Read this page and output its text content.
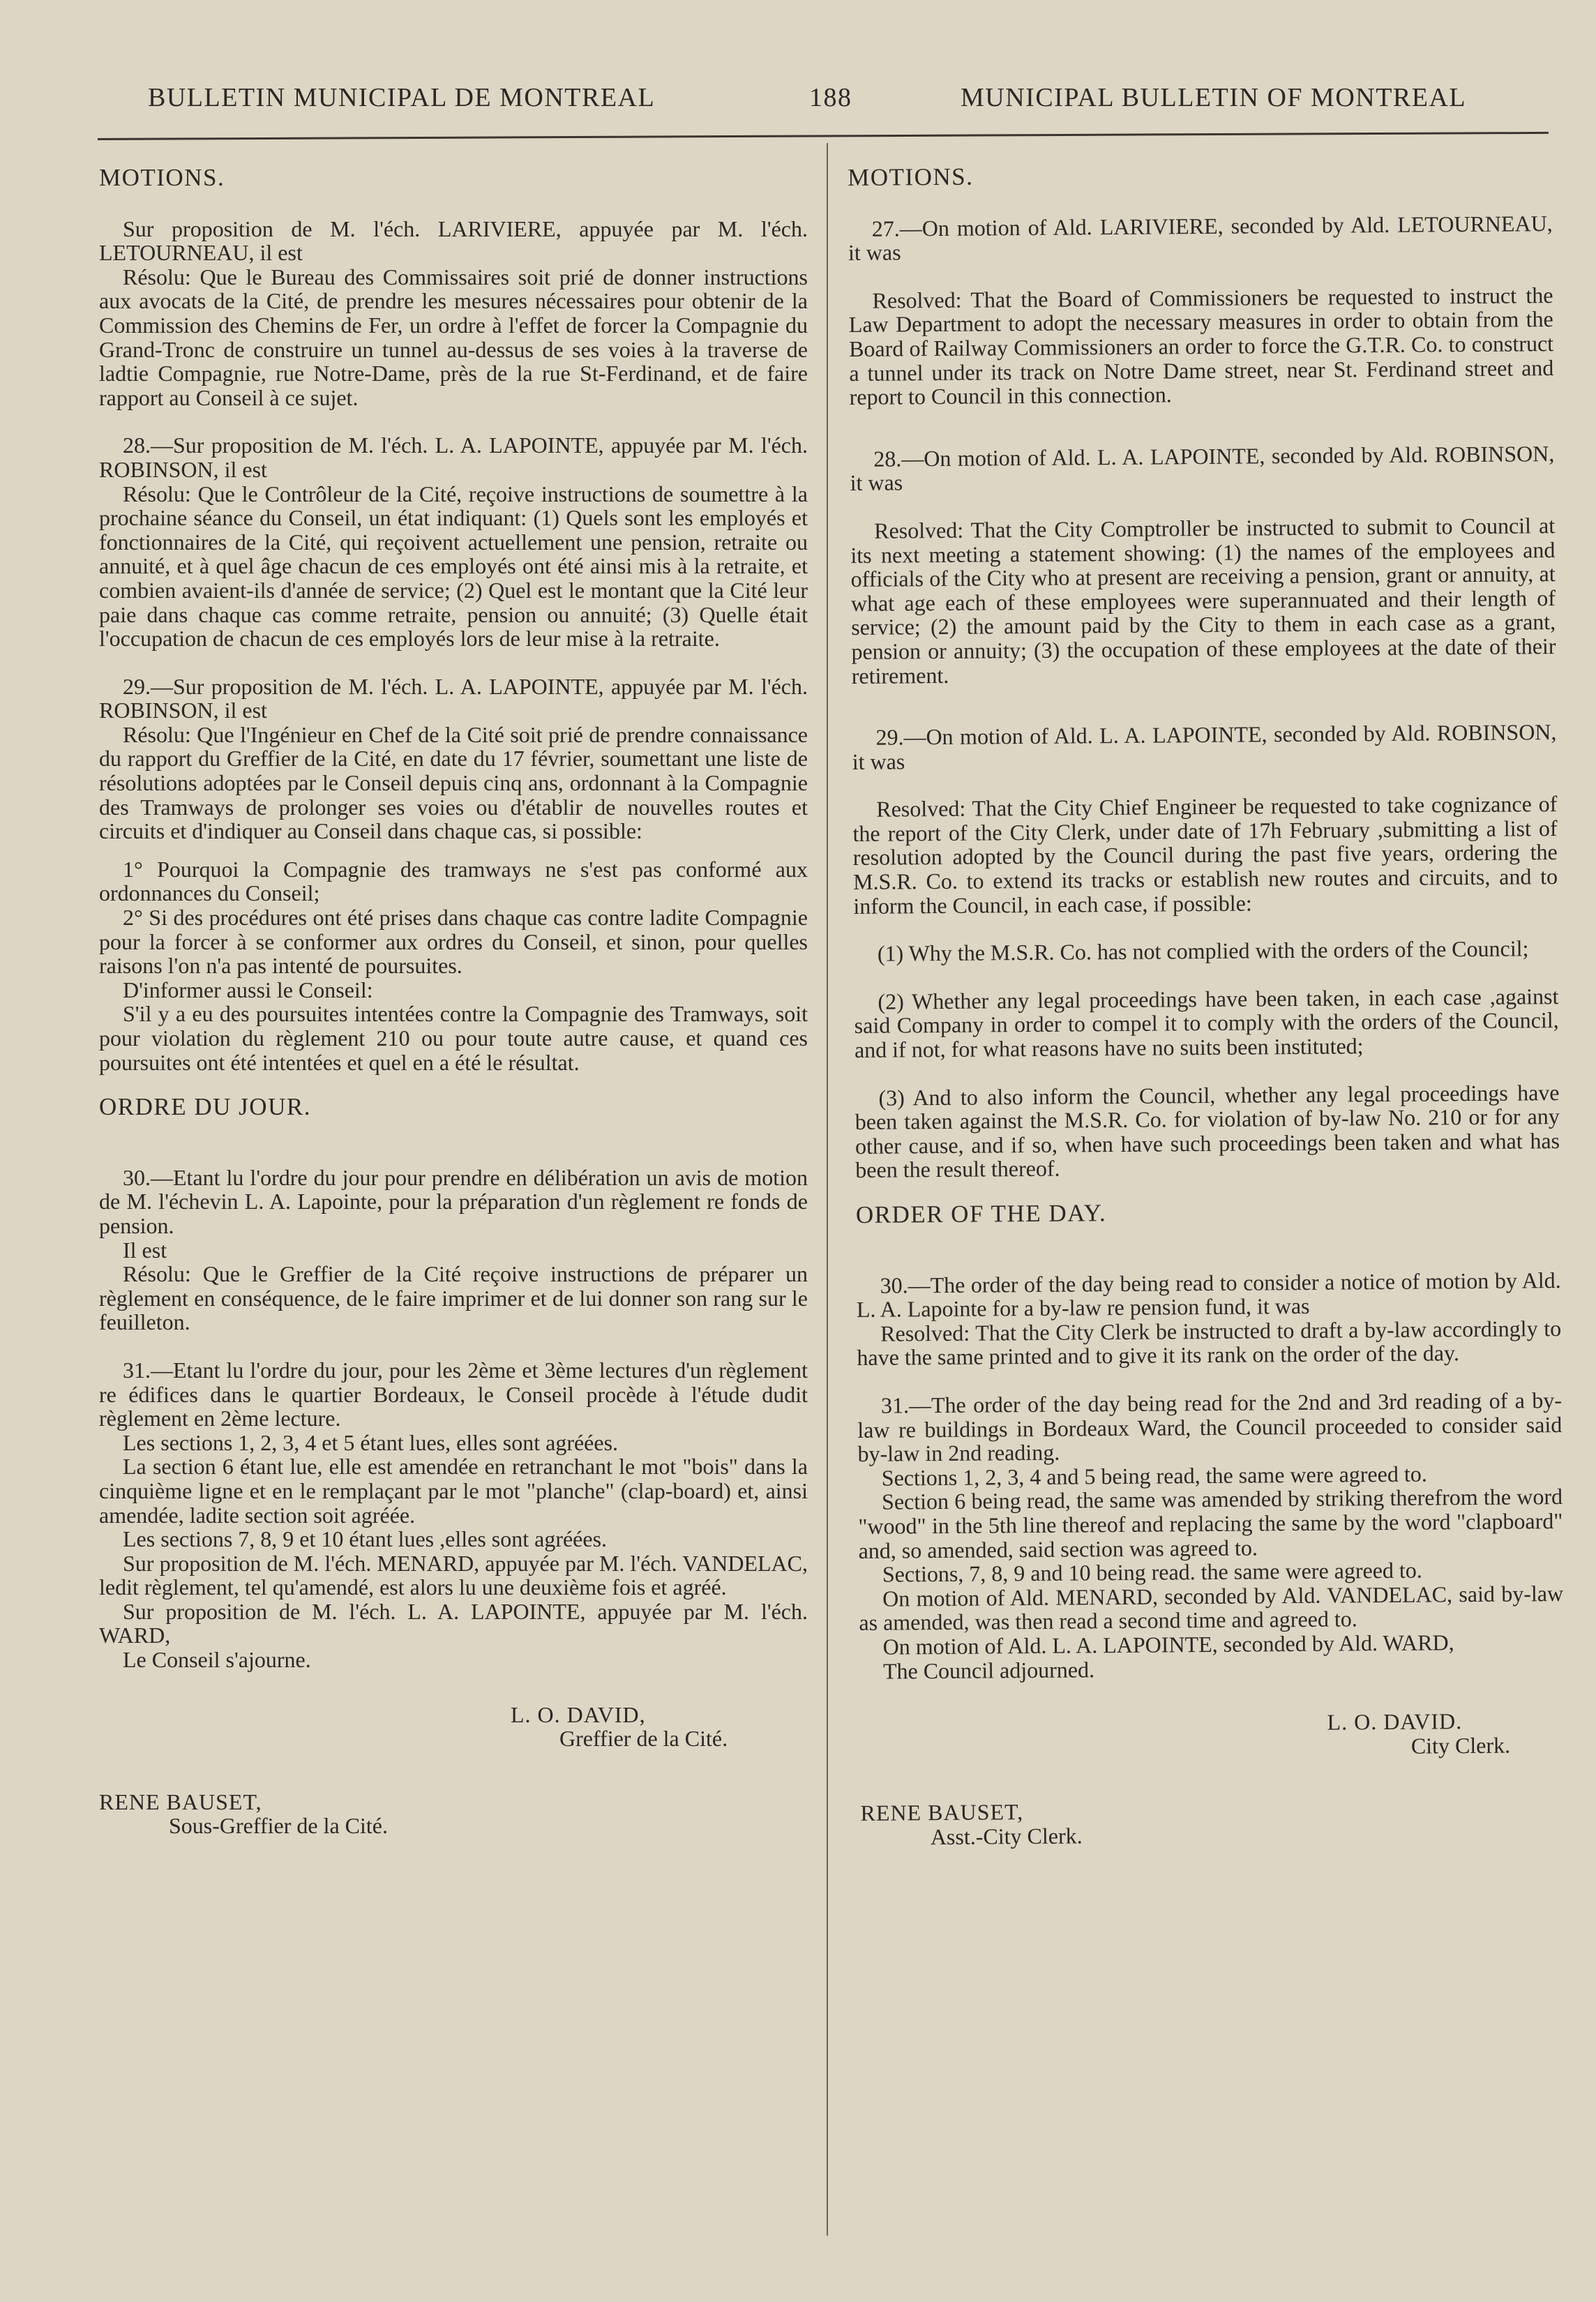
BULLETIN MUNICIPAL DE MONTREAL	188	MUNICIPAL BULLETIN OF MONTREAL
MOTIONS.

Sur proposition de M. l'éch. LARIVIERE, appuyée par M. l'éch. LETOURNEAU, il est

Résolu: Que le Bureau des Commissaires soit prié de donner instructions aux avocats de la Cité, de prendre les mesures nécessaires pour obtenir de la Commission des Chemins de Fer, un ordre à l'effet de forcer la Compagnie du Grand-Tronc de construire un tunnel au-dessus de ses voies à la traverse de ladtie Compagnie, rue Notre-Dame, près de la rue St-Ferdinand, et de faire rapport au Conseil à ce sujet.

28.—Sur proposition de M. l'éch. L. A. LAPOINTE, appuyée par M. l'éch. ROBINSON, il est

Résolu: Que le Contrôleur de la Cité, reçoive instructions de soumettre à la prochaine séance du Conseil, un état indiquant: (1) Quels sont les employés et fonctionnaires de la Cité, qui reçoivent actuellement une pension, retraite ou annuité, et à quel âge chacun de ces employés ont été ainsi mis à la retraite, et combien avaient-ils d'année de service; (2) Quel est le montant que la Cité leur paie dans chaque cas comme retraite, pension ou annuité; (3) Quelle était l'occupation de chacun de ces employés lors de leur mise à la retraite.

29.—Sur proposition de M. l'éch. L. A. LAPOINTE, appuyée par M. l'éch. ROBINSON, il est

Résolu: Que l'Ingénieur en Chef de la Cité soit prié de prendre connaissance du rapport du Greffier de la Cité, en date du 17 février, soumettant une liste de résolutions adoptées par le Conseil depuis cinq ans, ordonnant à la Compagnie des Tramways de prolonger ses voies ou d'établir de nouvelles routes et circuits et d'indiquer au Conseil dans chaque cas, si possible:

1° Pourquoi la Compagnie des tramways ne s'est pas conformé aux ordonnances du Conseil;

2° Si des procédures ont été prises dans chaque cas contre ladite Compagnie pour la forcer à se conformer aux ordres du Conseil, et sinon, pour quelles raisons l'on n'a pas intenté de poursuites.

D'informer aussi le Conseil:

S'il y a eu des poursuites intentées contre la Compagnie des Tramways, soit pour violation du règlement 210 ou pour toute autre cause, et quand ces poursuites ont été intentées et quel en a été le résultat.

ORDRE DU JOUR.

30.—Etant lu l'ordre du jour pour prendre en délibération un avis de motion de M. l'échevin L. A. Lapointe, pour la préparation d'un règlement re fonds de pension.

Il est

Résolu: Que le Greffier de la Cité reçoive instructions de préparer un règlement en conséquence, de le faire imprimer et de lui donner son rang sur le feuilleton.

31.—Etant lu l'ordre du jour, pour les 2ème et 3ème lectures d'un règlement re édifices dans le quartier Bordeaux, le Conseil procède à l'étude dudit règlement en 2ème lecture.

Les sections 1, 2, 3, 4 et 5 étant lues, elles sont agréées.

La section 6 étant lue, elle est amendée en retranchant le mot "bois" dans la cinquième ligne et en le remplaçant par le mot "planche" (clap-board) et, ainsi amendée, ladite section soit agréée.

Les sections 7, 8, 9 et 10 étant lues ,elles sont agréées.

Sur proposition de M. l'éch. MENARD, appuyée par M. l'éch. VANDELAC, ledit règlement, tel qu'amendé, est alors lu une deuxième fois et agréé.

Sur proposition de M. l'éch. L. A. LAPOINTE, appuyée par M. l'éch. WARD,

Le Conseil s'ajourne.

L. O. DAVID,
Greffier de la Cité.
RENE BAUSET,
Sous-Greffier de la Cité.
MOTIONS.

27.—On motion of Ald. LARIVIERE, seconded by Ald. LETOURNEAU, it was

Resolved: That the Board of Commissioners be requested to instruct the Law Department to adopt the necessary measures in order to obtain from the Board of Railway Commissioners an order to force the G.T.R. Co. to construct a tunnel under its track on Notre Dame street, near St. Ferdinand street and report to Council in this connection.

28.—On motion of Ald. L. A. LAPOINTE, seconded by Ald. ROBINSON, it was

Resolved: That the City Comptroller be instructed to submit to Council at its next meeting a statement showing: (1) the names of the employees and officials of the City who at present are receiving a pension, grant or annuity, at what age each of these employees were superannuated and their length of service; (2) the amount paid by the City to them in each case as a grant, pension or annuity; (3) the occupation of these employees at the date of their retirement.

29.—On motion of Ald. L. A. LAPOINTE, seconded by Ald. ROBINSON, it was

Resolved: That the City Chief Engineer be requested to take cognizance of the report of the City Clerk, under date of 17h February ,submitting a list of resolution adopted by the Council during the past five years, ordering the M.S.R. Co. to extend its tracks or establish new routes and circuits, and to inform the Council, in each case, if possible:

(1) Why the M.S.R. Co. has not complied with the orders of the Council;

(2) Whether any legal proceedings have been taken, in each case ,against said Company in order to compel it to comply with the orders of the Council, and if not, for what reasons have no suits been instituted;

(3) And to also inform the Council, whether any legal proceedings have been taken against the M.S.R. Co. for violation of by-law No. 210 or for any other cause, and if so, when have such proceedings been taken and what has been the result thereof.

ORDER OF THE DAY.

30.—The order of the day being read to consider a notice of motion by Ald. L. A. Lapointe for a by-law re pension fund, it was

Resolved: That the City Clerk be instructed to draft a by-law accordingly to have the same printed and to give it its rank on the order of the day.

31.—The order of the day being read for the 2nd and 3rd reading of a by-law re buildings in Bordeaux Ward, the Council proceeded to consider said by-law in 2nd reading.

Sections 1, 2, 3, 4 and 5 being read, the same were agreed to.

Section 6 being read, the same was amended by striking therefrom the word "wood" in the 5th line thereof and replacing the same by the word "clapboard" and, so amended, said section was agreed to.

Sections, 7, 8, 9 and 10 being read. the same were agreed to.

On motion of Ald. MENARD, seconded by Ald. VANDELAC, said by-law as amended, was then read a second time and agreed to.

On motion of Ald. L. A. LAPOINTE, seconded by Ald. WARD,

The Council adjourned.

L. O. DAVID.
City Clerk.
RENE BAUSET,
Asst.-City Clerk.
